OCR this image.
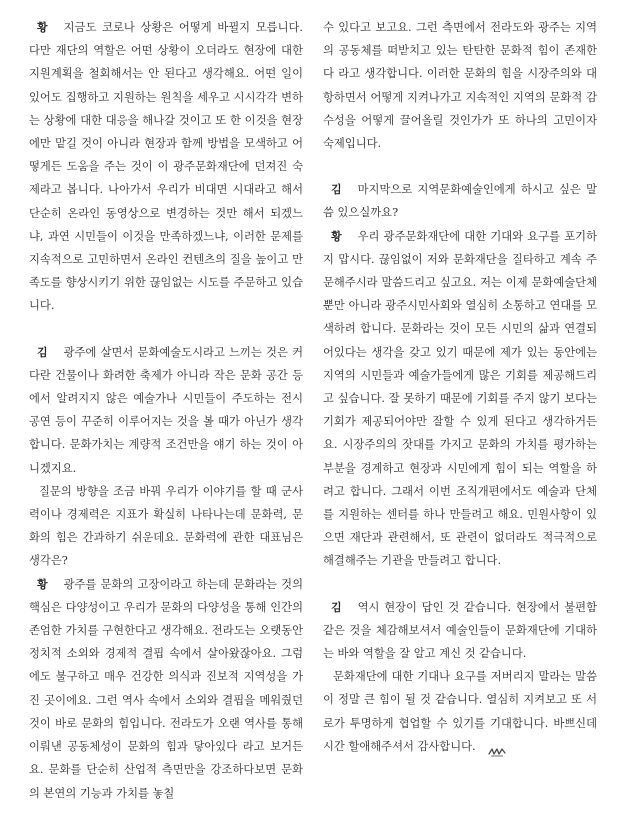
황 지금도 코로나 상황은 어떻게 바뀔지 모릅니다. 다만 재단의 역할은 어떤 상황이 오더라도 현장에 대한 지원계획을 철회해서는 안 된다고 생각해요. 어떤 일이 있어도 집행하고 지원하는 원칙을 세우고 시시각각 변하는 상황에 대한 대응을 해나갈 것이고 또 한 이것을 현장에만 맡길 것이 아니라 현장과 함께 방법을 모색하고 어떻게든 도움을 주는 것이 이 광주문화재단에 던져진 숙제라고 봅니다. 나아가서 우리가 비대면 시대라고 해서 단순히 온라인 동영상으로 변경하는 것만 해서 되겠느냐, 과연 시민들이 이것을 만족하겠느냐, 이러한 문제를 지속적으로 고민하면서 온라인 컨텐츠의 질을 높이고 만족도를 향상시키기 위한 끊임없는 시도를 주문하고 있습니다.

김 광주에 살면서 문화예술도시라고 느끼는 것은 커다란 건물이나 화려한 축제가 아니라 작은 문화 공간 등에서 알려지지 않은 예술가나 시민들이 주도하는 전시 공연 등이 꾸준히 이루어지는 것을 볼 때가 아닌가 생각합니다. 문화가치는 계량적 조건만을 얘기 하는 것이 아니겠지요.

질문의 방향을 조금 바꿔 우리가 이야기를 할 때 군사력이나 경제력은 지표가 확실히 나타나는데 문화력, 문화의 힘은 간과하기 쉬운데요. 문화력에 관한 대표님은 생각은?

황 광주를 문화의 고장이라고 하는데 문화라는 것의 핵심은 다양성이고 우리가 문화의 다양성을 통해 인간의 존엄한 가치를 구현한다고 생각해요. 전라도는 오랫동안 정치적 소외와 경제적 결핍 속에서 살아왔잖아요. 그럼에도 불구하고 매우 건강한 의식과 진보적 지역성을 가진 곳이에요. 그런 역사 속에서 소외와 결핍을 메워줬던 것이 바로 문화의 힘입니다. 전라도가 오랜 역사를 통해 이뤄낸 공동체성이 문화의 힘과 닿아있다 라고 보거든요. 문화를 단순히 산업적 측면만을 강조하다보면 문화의 본연의 기능과 가치를 놓칠

수 있다고 보고요. 그런 측면에서 전라도와 광주는 지역의 공동체를 떠받치고 있는 탄탄한 문화적 힘이 존재한다 라고 생각합니다. 이러한 문화의 힘을 시장주의와 대항하면서 어떻게 지켜나가고 지속적인 지역의 문화적 감수성을 어떻게 끌어올릴 것인가가 또 하나의 고민이자 숙제입니다.

김 마지막으로 지역문화예술인에게 하시고 싶은 말씀 있으실까요?

황 우리 광주문화재단에 대한 기대와 요구를 포기하지 맙시다. 끊임없이 저와 문화재단을 질타하고 계속 주문해주시라 말씀드리고 싶고요. 저는 이제 문화예술단체 뿐만 아니라 광주시민사회와 열심히 소통하고 연대를 모색하려 합니다. 문화라는 것이 모든 시민의 삶과 연결되어있다는 생각을 갖고 있기 때문에 제가 있는 동안에는 지역의 시민들과 예술가들에게 많은 기회를 제공해드리고 싶습니다. 잘 못하기 때문에 기회를 주지 않기 보다는 기회가 제공되어야만 잘할 수 있게 된다고 생각하거든요. 시장주의의 잣대를 가지고 문화의 가치를 평가하는 부분을 경계하고 현장과 시민에게 힘이 되는 역할을 하려고 합니다. 그래서 이번 조직개편에서도 예술과 단체를 지원하는 센터를 하나 만들려고 해요. 민원사항이 있으면 재단과 관련해서, 또 관련이 없더라도 적극적으로 해결해주는 기관을 만들려고 합니다.

김 역시 현장이 답인 것 같습니다. 현장에서 불편함 같은 것을 체감해보셔서 예술인들이 문화재단에 기대하는 바와 역할을 잘 알고 계신 것 같습니다.

문화재단에 대한 기대나 요구를 저버리지 말라는 말씀이 정말 큰 힘이 될 것 같습니다. 열심히 지켜보고 또 서로가 투명하게 협업할 수 있기를 기대합니다. 바쁘신데 시간 할애해주셔서 감사합니다.
